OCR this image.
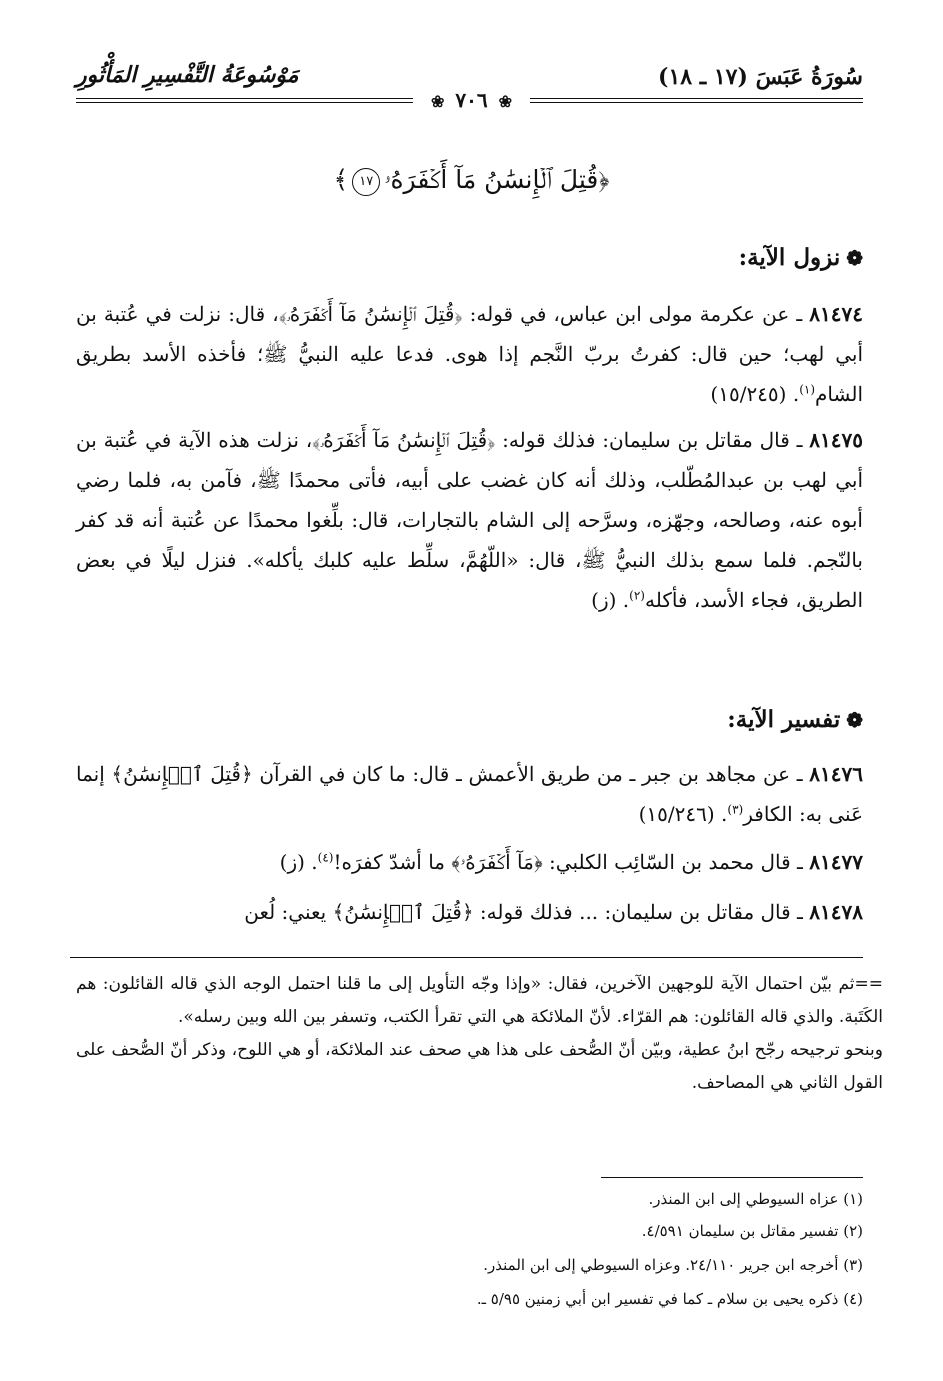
سُورَةُ عَبَسَ (١٧ ـ ١٨)
مَوْسُوعَةُ التَّفْسِيرِ المَأْثُورِ
❀ ٧٠٦ ❀
﴿قُتِلَ ٱلۡإِنسَٰنُ مَآ أَكۡفَرَهُۥ١٧﴾
❁نزول الآية:
٨١٤٧٤ ـ عن عكرمة مولى ابن عباس، في قوله: ﴿قُتِلَ ٱلۡإِنسَٰنُ مَآ أَكۡفَرَهُۥ﴾، قال: نزلت في عُتبة بن أبي لهب؛ حين قال: كفرتُ بربّ النَّجم إذا هوى. فدعا عليه النبيُّ ﷺ؛ فأخذه الأسد بطريق الشام$^{(١)}$. (١٥/٢٤٥)
٨١٤٧٥ ـ قال مقاتل بن سليمان: فذلك قوله: ﴿قُتِلَ ٱلۡإِنسَٰنُ مَآ أَكۡفَرَهُۥ﴾، نزلت هذه الآية في عُتبة بن أبي لهب بن عبدالمُطّلب، وذلك أنه كان غضب على أبيه، فأتى محمدًا ﷺ، فآمن به، فلما رضي أبوه عنه، وصالحه، وجهّزه، وسرَّحه إلى الشام بالتجارات، قال: بلِّغوا محمدًا عن عُتبة أنه قد كفر بالنّجم. فلما سمع بذلك النبيُّ ﷺ، قال: «اللّهُمَّ، سلِّط عليه كلبك يأكله». فنزل ليلًا في بعض الطريق، فجاء الأسد، فأكله$^{(٢)}$. (ز)
❁تفسير الآية:
٨١٤٧٦ ـ عن مجاهد بن جبر ـ من طريق الأعمش ـ قال: ما كان في القرآن ﴿قُتِلَ ٱلۡإِنسَٰنُ﴾ إنما عَنى به: الكافر$^{(٣)}$. (١٥/٢٤٦)
٨١٤٧٧ ـ قال محمد بن السّائِب الكلبي: ﴿مَآ أَكۡفَرَهُۥ﴾ ما أشدّ كفرَه!$^{(٤)}$. (ز)
٨١٤٧٨ ـ قال مقاتل بن سليمان: ... فذلك قوله: ﴿قُتِلَ ٱلۡإِنسَٰنُ﴾ يعني: لُعن
==ثم بيّن احتمال الآية للوجهين الآخرين، فقال: «وإذا وجّه التأويل إلى ما قلنا احتمل الوجه الذي قاله القائلون: هم الكَتَبة. والذي قاله القائلون: هم القرّاء. لأنّ الملائكة هي التي تقرأ الكتب، وتسفر بين الله وبين رسله».
وبنحو ترجيحه رجّح ابنُ عطية، وبيّن أنّ الصُّحف على هذا هي صحف عند الملائكة، أو هي اللوح، وذكر أنّ الصُّحف على القول الثاني هي المصاحف.
(١) عزاه السيوطي إلى ابن المنذر.
(٢) تفسير مقاتل بن سليمان ٤/٥٩١.
(٣) أخرجه ابن جرير ٢٤/١١٠. وعزاه السيوطي إلى ابن المنذر.
(٤) ذكره يحيى بن سلام ـ كما في تفسير ابن أبي زمنين ٥/٩٥ ـ.
